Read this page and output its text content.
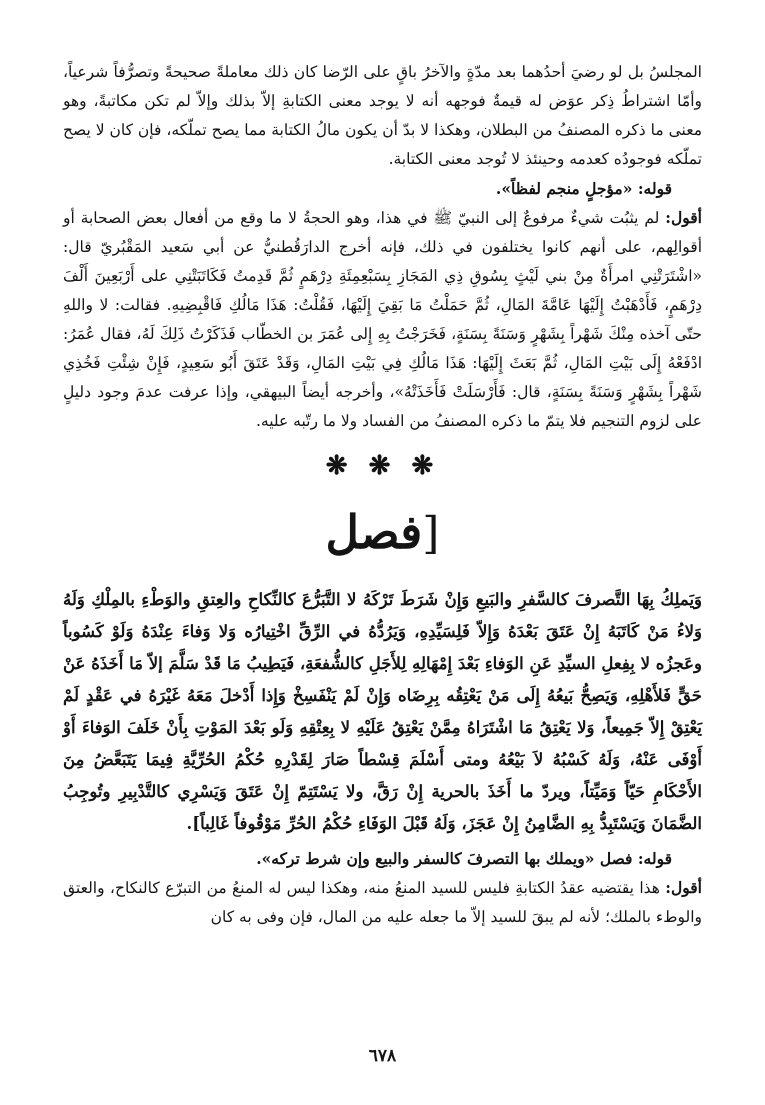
المجلسُ بل لو رضيَ أحدُهما بعد مدّةٍ والآخرُ باقٍ على الرّضا كان ذلك معاملةً صحيحةً وتصرُّفاً شرعياً، وأمّا اشتراطُ ذِكر عوَض له قيمةٌ فوجهه أنه لا يوجد معنى الكتابةِ إلاّ بذلك وإلاّ لم تكن مكاتبةً، وهو معنى ما ذكره المصنفُ من البطلان، وهكذا لا بدّ أن يكون مالُ الكتابة مما يصح تملّكه، فإن كان لا يصح تملّكه فوجودُه كعدمه وحينئذ لا تُوجد معنى الكتابة.

قوله: «مؤجلٍ منجم لفظاً».

أقول: لم يثبُت شيءٌ مرفوعٌ إلى النبيّ ﷺ في هذا، وهو الحجةُ لا ما وقع من أفعال بعض الصحابة أو أقوالِهم، على أنهم كانوا يختلفون في ذلك، فإنه أخرج الدارَقُطنيُّ عن أبي سَعيد المَقْبُريّ قال: «اشْتَرَتْنِي امرأَةٌ مِنْ بني لَيْثٍ بِسُوقِ ذِي المَجَازِ بِسَبْعِمِئَةِ دِرْهَمٍ ثُمَّ قَدِمتُ فَكَاتَبَتْنِي على أَرْبَعِينَ أَلْفَ دِرْهَمٍ، فَأَدْهَبْتُ إِلَيْهَا عَامَّةَ المَالِ، ثُمَّ حَمَلْتُ مَا بَقِيَ إِلَيْهَا، فَقُلْتُ: هَذَا مَالُكِ فَاقْبِضِيهِ. فقالت: لا واللهِ حتّى آخذه مِنْكَ شَهْراً بِشَهْرٍ وَسَنَةً بِسَنَةٍ، فَخَرَجْتُ بِهِ إِلى عُمَرَ بن الخطّاب فَذَكَرْتُ ذَلِكَ لَهُ، فقال عُمَرُ: ادْفَعْهُ إِلَى بَيْتِ المَالِ، ثُمَّ بَعَثَ إِلَيْهَا: هَذَا مَالُكِ فِي بَيْتِ المَالِ، وَقَدْ عَتَقَ أَبُو سَعِيدٍ، فَإِنْ شِئْتِ فَخُذِي شَهْراً بِشَهْرٍ وَسَنَةً بِسَنَةٍ، قال: فَأَرْسَلَتْ فَأَخَذَتْهُ»، وأخرجه أيضاً البيهقي، وإذا عرفت عدمَ وجود دليلٍ على لزوم التنجيم فلا يتمّ ما ذكره المصنفُ من الفساد ولا ما رتّبه عليه.

❋ ❋ ❋
[فصل

وَيَملِكُ بِهَا التَّصرفَ كالسَّفرِ والبَيعِ وَإِنْ شَرَطَ تَرْكَهُ لا التَّبَرُّعَ كالنِّكاحِ والعِتقِ والوَطْءِ بالمِلْكِ وَلَهُ وَلاءُ مَنْ كَاتَبَهُ إِنْ عَتَقَ بَعْدَهُ وَإِلاّ فَلِسَيِّدِهِ، وَيَرُدُّهُ في الرِّقِّ اخْتِيارُه وَلا وَفاءَ عِنْدَهُ وَلَوْ كَسُوباً وعَجزُه لا بِفِعلِ السيِّدِ عَنِ الوَفاءِ بَعْدَ إِمْهَالِهِ لِلأَجَلِ كالشُّفعَةِ، فَيَطِيبُ مَا قَدْ سَلَّمَ إلاّ مَا أَخَذَهُ عَنْ حَقٍّ فَلأَهْلِهِ، وَيَصِحُّ بَيعُهُ إِلَى مَنْ يَعْتِقُه بِرِضَاه وَإِنْ لَمْ يَنْفَسِخْ وَإِذا أَدْخلَ مَعَهُ غَيْرَهُ في عَقْدٍ لَمْ يَعْتِقْ إِلاّ جَمِيعاً، وَلا يَعْتِقُ مَا اشْتَرَاهُ مِمَّنْ يَعْتِقُ عَلَيْهِ لا بِعِتْقِهِ وَلَو بَعْدَ المَوْتِ بِأَنْ خَلَفَ الوَفاءَ أَوْ أَوْفَى عَنْهُ، وَلَهُ كَسْبُهُ لاَ بَيْعُهُ ومتى أَسْلَمَ قِسْطاً صَارَ لِقَدْرِهِ حُكْمُ الحُرِّيَّةِ فِيمَا يَتَبَعَّضُ مِنَ الأَحْكَامِ حَيّاً وَمَيِّتاً، ويردّ ما أَخَذَ بالحرية إِنْ رَقَّ، ولا يَسْتَتِمّ إِنْ عَتَقَ وَيَسْرِي كالتَّدْبِيرِ وتُوجِبُ الضَّمَانَ وَيَسْتَبِدُّ بِهِ الضَّامِنُ إِنْ عَجَزَ، وَلَهُ قَبْلَ الوَفَاءِ حُكْمُ الحُرِّ مَوْقُوفاً غَالِباً].

قوله: فصل «ويملك بها التصرفَ كالسفر والبيع وإن شرط تركه».

أقول: هذا يقتضيه عقدُ الكتابةِ فليس للسيد المنعُ منه، وهكذا ليس له المنعُ من التبرّع كالنكاح، والعتق والوطء بالملك؛ لأنه لم يبقَ للسيد إلاّ ما جعله عليه من المال، فإن وفى به كان

٦٧٨
